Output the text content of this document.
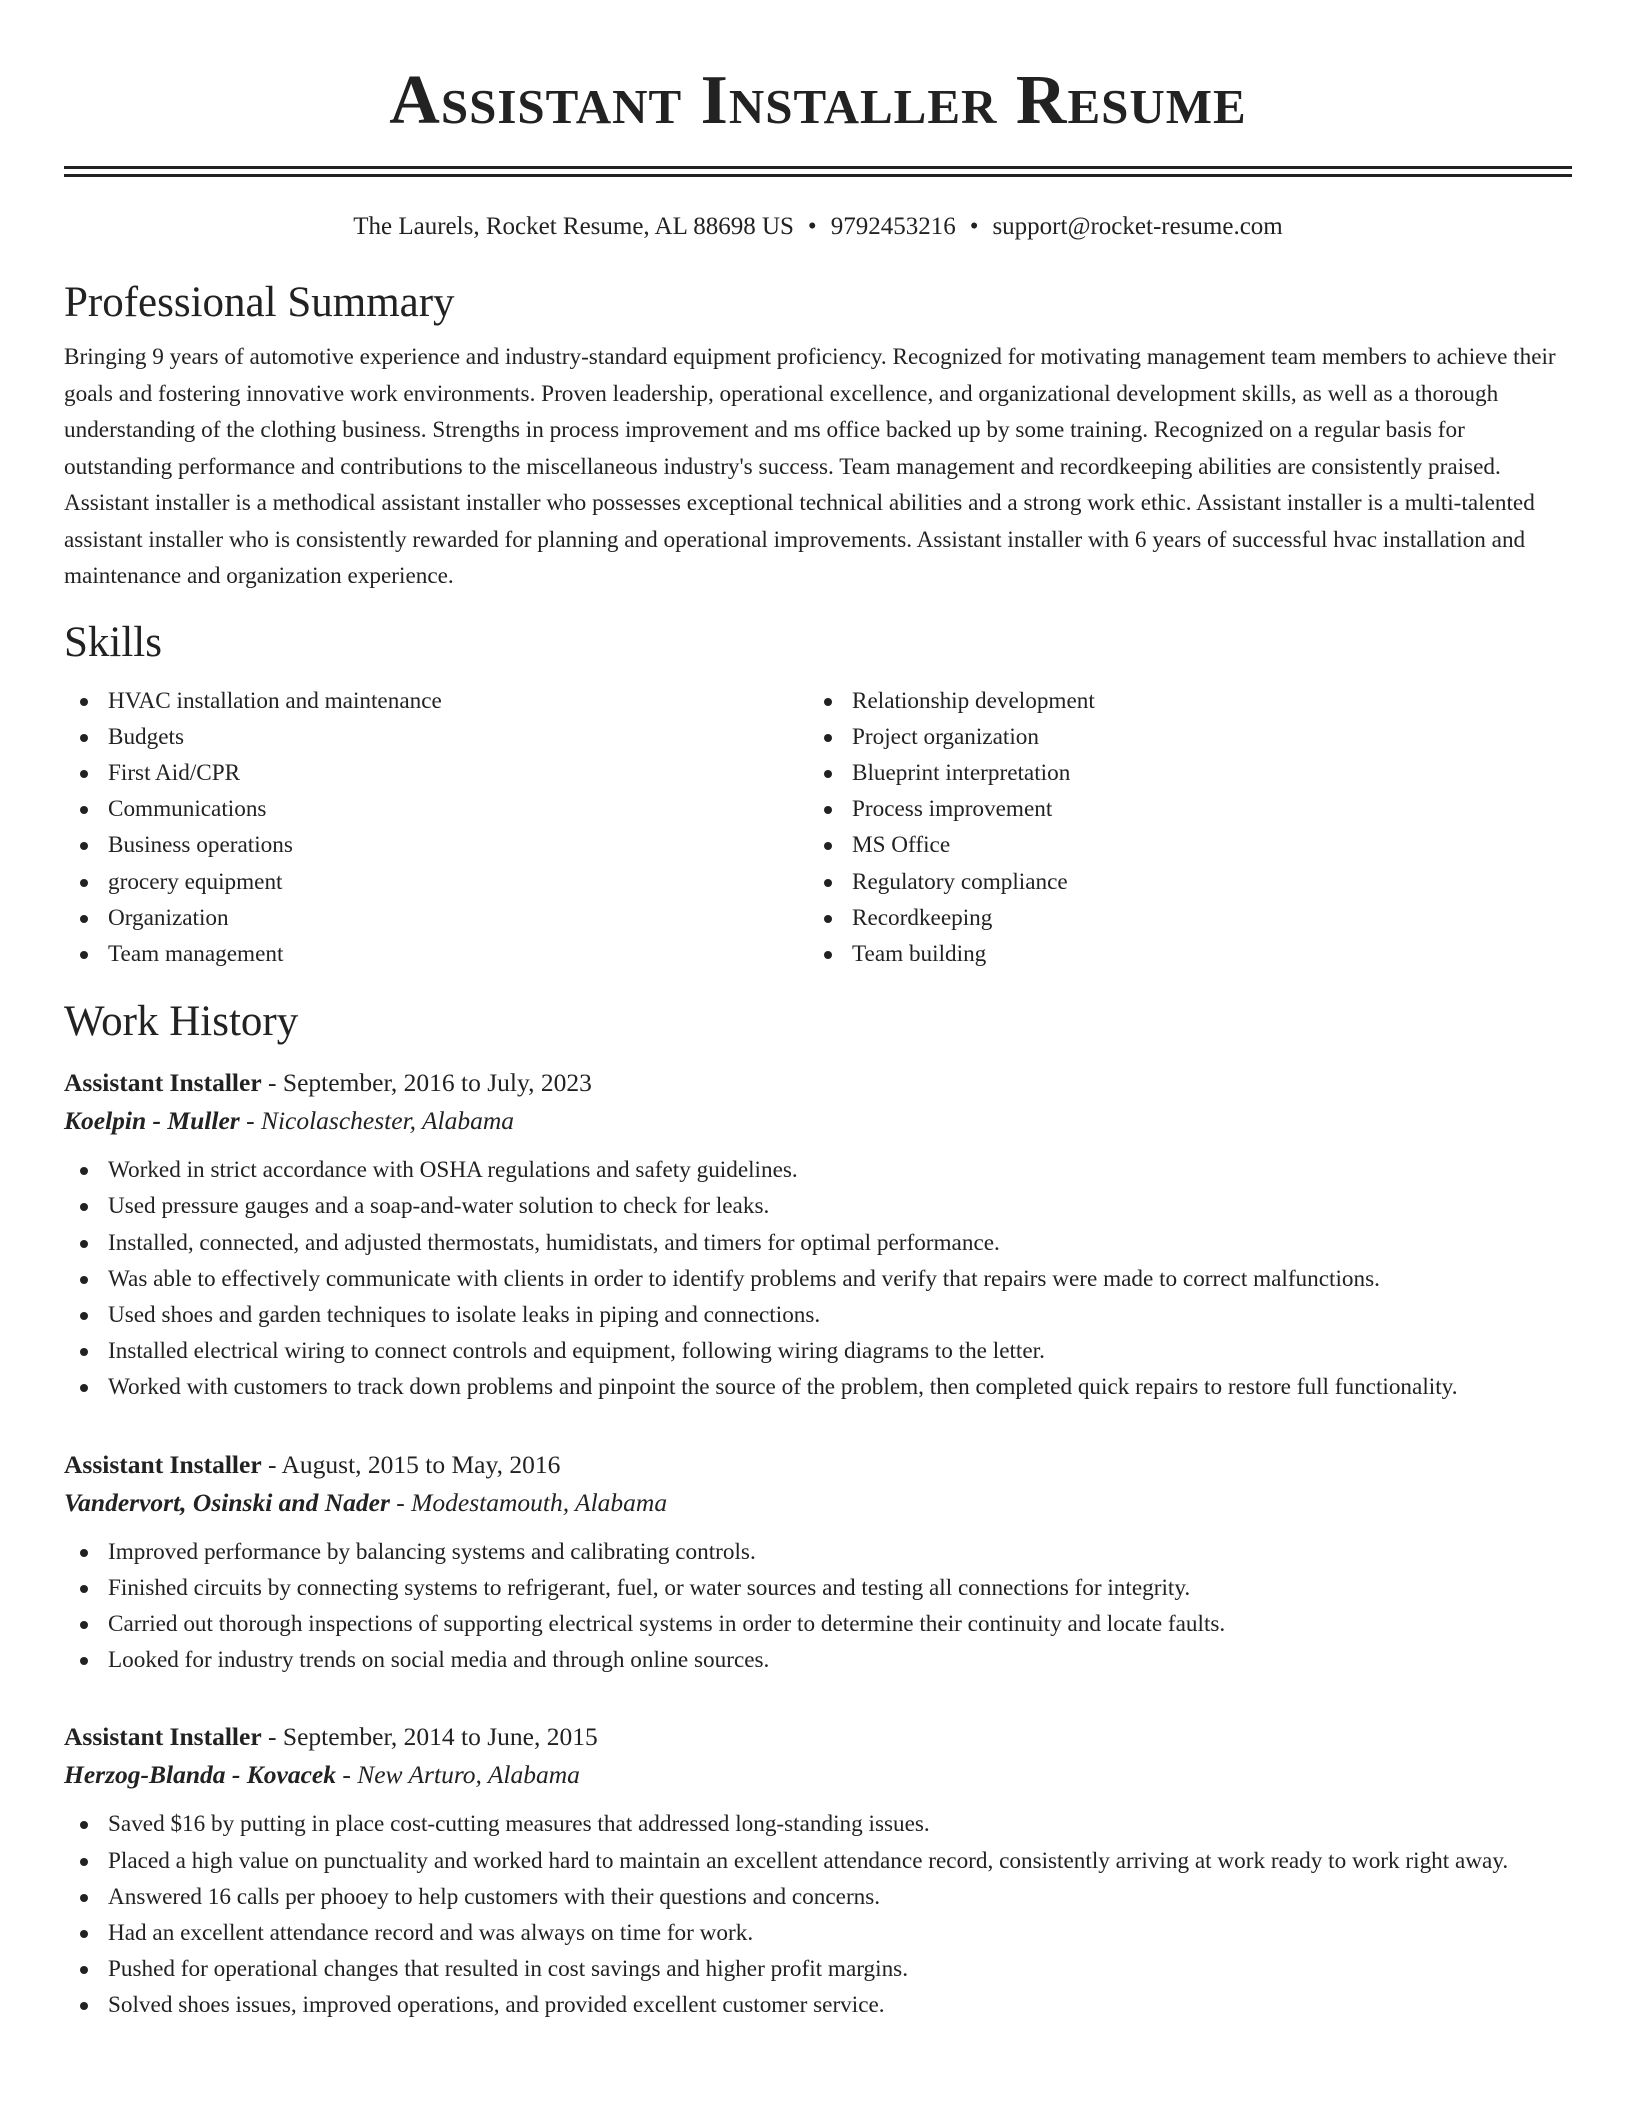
Assistant Installer Resume
The Laurels, Rocket Resume, AL 88698 US • 9792453216 • support@rocket-resume.com
Professional Summary

Bringing 9 years of automotive experience and industry-standard equipment proficiency. Recognized for motivating management team members to achieve their goals and fostering innovative work environments. Proven leadership, operational excellence, and organizational development skills, as well as a thorough understanding of the clothing business. Strengths in process improvement and ms office backed up by some training. Recognized on a regular basis for outstanding performance and contributions to the miscellaneous industry's success. Team management and recordkeeping abilities are consistently praised. Assistant installer is a methodical assistant installer who possesses exceptional technical abilities and a strong work ethic. Assistant installer is a multi-talented assistant installer who is consistently rewarded for planning and operational improvements. Assistant installer with 6 years of successful hvac installation and maintenance and organization experience.

Skills
HVAC installation and maintenance
Budgets
First Aid/CPR
Communications
Business operations
grocery equipment
Organization
Team management
Relationship development
Project organization
Blueprint interpretation
Process improvement
MS Office
Regulatory compliance
Recordkeeping
Team building
Work History
Assistant Installer - September, 2016 to July, 2023
Koelpin - Muller - Nicolaschester, Alabama
Worked in strict accordance with OSHA regulations and safety guidelines.
Used pressure gauges and a soap-and-water solution to check for leaks.
Installed, connected, and adjusted thermostats, humidistats, and timers for optimal performance.
Was able to effectively communicate with clients in order to identify problems and verify that repairs were made to correct malfunctions.
Used shoes and garden techniques to isolate leaks in piping and connections.
Installed electrical wiring to connect controls and equipment, following wiring diagrams to the letter.
Worked with customers to track down problems and pinpoint the source of the problem, then completed quick repairs to restore full functionality.
Assistant Installer - August, 2015 to May, 2016
Vandervort, Osinski and Nader - Modestamouth, Alabama
Improved performance by balancing systems and calibrating controls.
Finished circuits by connecting systems to refrigerant, fuel, or water sources and testing all connections for integrity.
Carried out thorough inspections of supporting electrical systems in order to determine their continuity and locate faults.
Looked for industry trends on social media and through online sources.
Assistant Installer - September, 2014 to June, 2015
Herzog-Blanda - Kovacek - New Arturo, Alabama
Saved $16 by putting in place cost-cutting measures that addressed long-standing issues.
Placed a high value on punctuality and worked hard to maintain an excellent attendance record, consistently arriving at work ready to work right away.
Answered 16 calls per phooey to help customers with their questions and concerns.
Had an excellent attendance record and was always on time for work.
Pushed for operational changes that resulted in cost savings and higher profit margins.
Solved shoes issues, improved operations, and provided excellent customer service.
